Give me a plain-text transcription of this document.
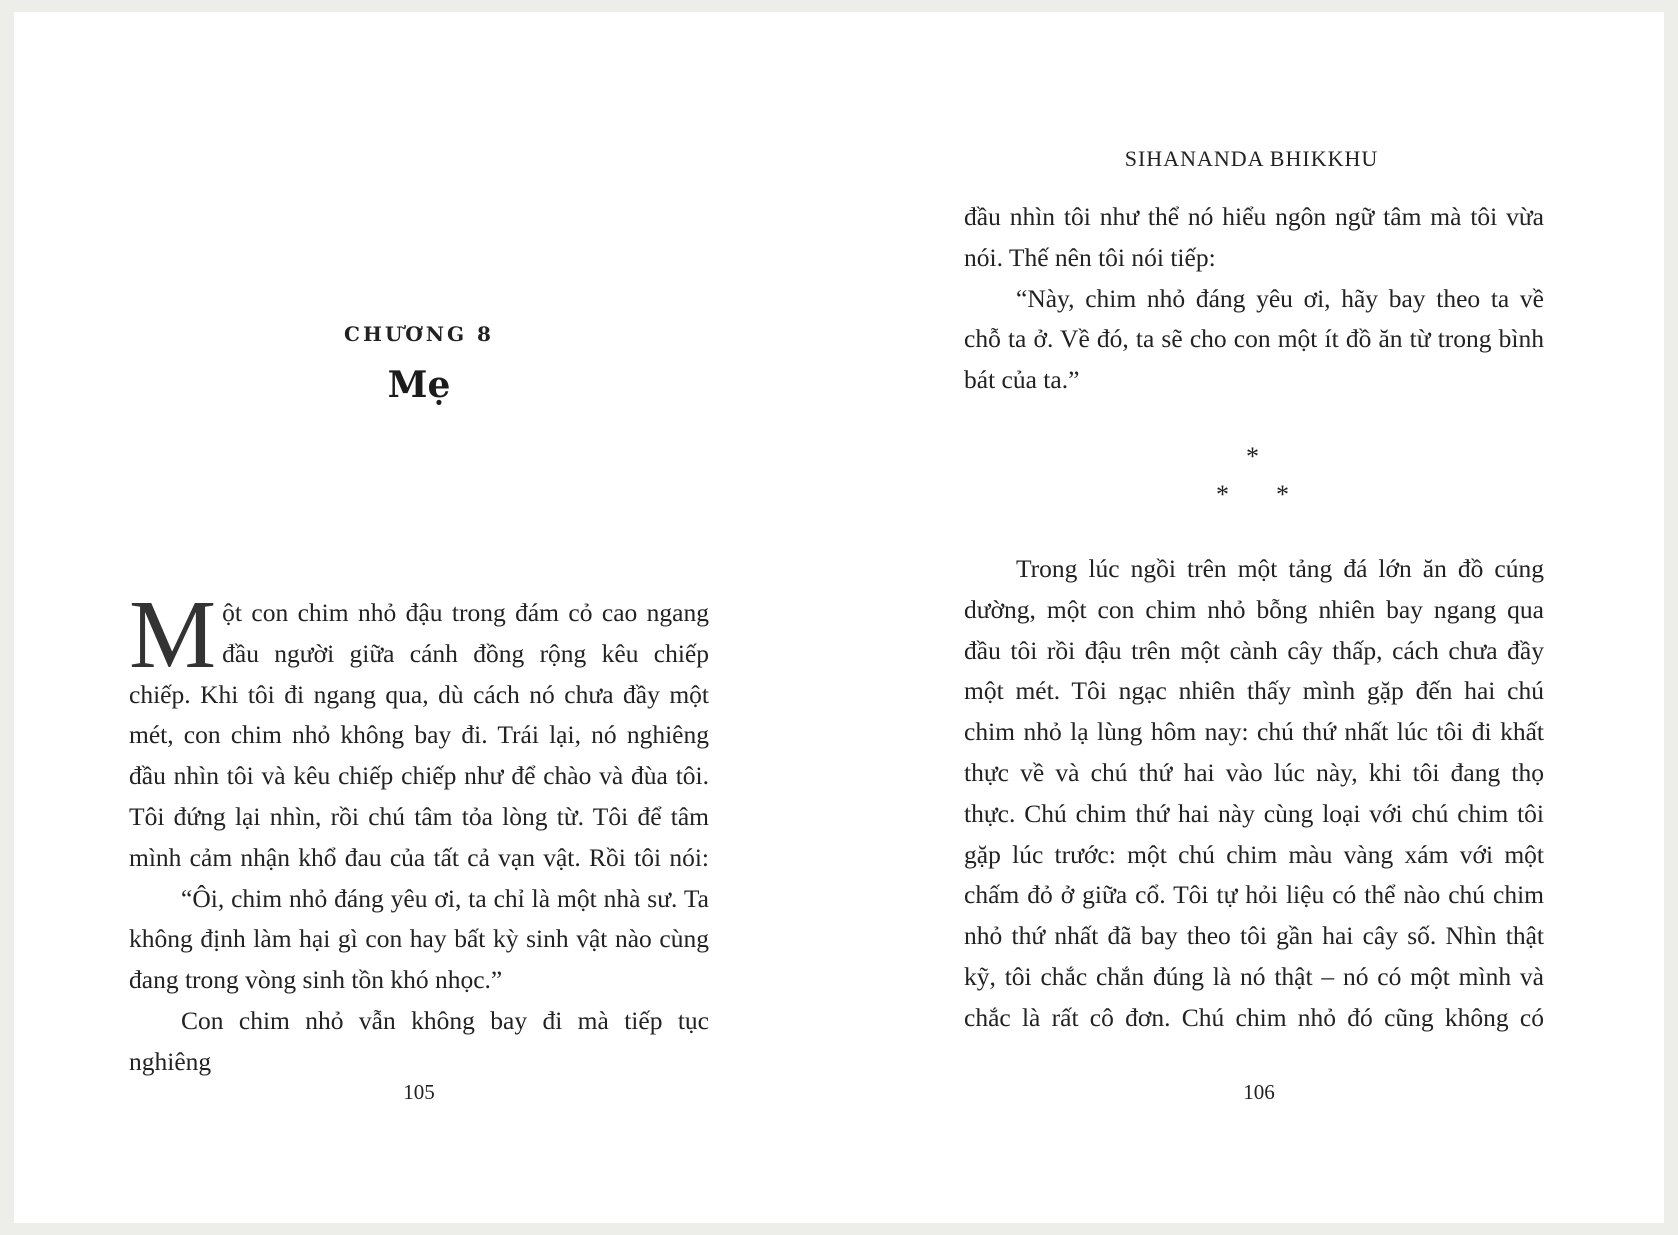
CHƯƠNG 8
Mẹ

Một con chim nhỏ đậu trong đám cỏ cao ngang đầu người giữa cánh đồng rộng kêu chiếp chiếp. Khi tôi đi ngang qua, dù cách nó chưa đầy một mét, con chim nhỏ không bay đi. Trái lại, nó nghiêng đầu nhìn tôi và kêu chiếp chiếp như để chào và đùa tôi. Tôi đứng lại nhìn, rồi chú tâm tỏa lòng từ. Tôi để tâm mình cảm nhận khổ đau của tất cả vạn vật. Rồi tôi nói:

“Ôi, chim nhỏ đáng yêu ơi, ta chỉ là một nhà sư. Ta không định làm hại gì con hay bất kỳ sinh vật nào cùng đang trong vòng sinh tồn khó nhọc.”

Con chim nhỏ vẫn không bay đi mà tiếp tục nghiêng

105
SIHANANDA BHIKKHU

đầu nhìn tôi như thể nó hiểu ngôn ngữ tâm mà tôi vừa nói. Thế nên tôi nói tiếp:

“Này, chim nhỏ đáng yêu ơi, hãy bay theo ta về chỗ ta ở. Về đó, ta sẽ cho con một ít đồ ăn từ trong bình bát của ta.”

*
* *

Trong lúc ngồi trên một tảng đá lớn ăn đồ cúng dường, một con chim nhỏ bỗng nhiên bay ngang qua đầu tôi rồi đậu trên một cành cây thấp, cách chưa đầy một mét. Tôi ngạc nhiên thấy mình gặp đến hai chú chim nhỏ lạ lùng hôm nay: chú thứ nhất lúc tôi đi khất thực về và chú thứ hai vào lúc này, khi tôi đang thọ thực. Chú chim thứ hai này cùng loại với chú chim tôi gặp lúc trước: một chú chim màu vàng xám với một chấm đỏ ở giữa cổ. Tôi tự hỏi liệu có thể nào chú chim nhỏ thứ nhất đã bay theo tôi gần hai cây số. Nhìn thật kỹ, tôi chắc chắn đúng là nó thật – nó có một mình và chắc là rất cô đơn. Chú chim nhỏ đó cũng không có

106
